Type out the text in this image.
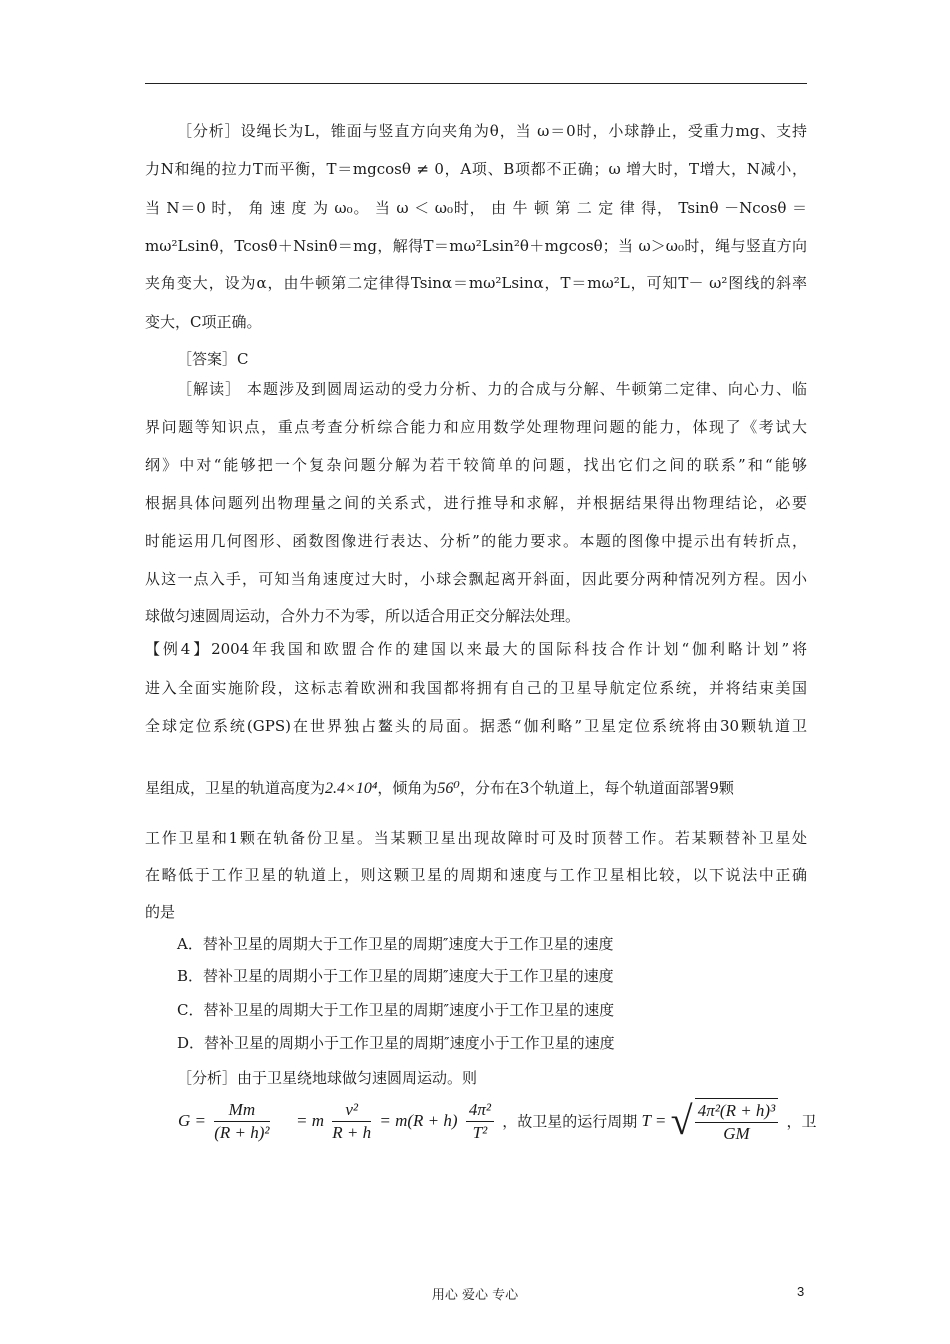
［分析］设绳长为L，锥面与竖直方向夹角为θ，当 ω＝0时，小球静止，受重力mg、支持
力N和绳的拉力T而平衡，T＝mgcosθ ≠ 0，A项、B项都不正确；ω 增大时，T增大，N减小，
当 N＝0 时， 角 速 度 为 ω₀。 当 ω ＜ ω₀时， 由 牛 顿 第 二 定 律 得， Tsinθ －Ncosθ ＝
mω²Lsinθ，Tcosθ＋Nsinθ＝mg，解得T＝mω²Lsin²θ＋mgcosθ；当 ω＞ω₀时，绳与竖直方向
夹角变大，设为α，由牛顿第二定律得Tsinα＝mω²Lsinα，T＝mω²L，可知T－ ω²图线的斜率
变大，C项正确。
［答案］C
［解读］ 本题涉及到圆周运动的受力分析、力的合成与分解、牛顿第二定律、向心力、临
界问题等知识点，重点考查分析综合能力和应用数学处理物理问题的能力，体现了《考试大
纲》中对“能够把一个复杂问题分解为若干较简单的问题，找出它们之间的联系”和“能够
根据具体问题列出物理量之间的关系式，进行推导和求解，并根据结果得出物理结论，必要
时能运用几何图形、函数图像进行表达、分析”的能力要求。本题的图像中提示出有转折点，
从这一点入手，可知当角速度过大时，小球会飘起离开斜面，因此要分两种情况列方程。因小
球做匀速圆周运动，合外力不为零，所以适合用正交分解法处理。
【例4】2004年我国和欧盟合作的建国以来最大的国际科技合作计划“伽利略计划”将
进入全面实施阶段，这标志着欧洲和我国都将拥有自己的卫星导航定位系统，并将结束美国
全球定位系统(GPS)在世界独占鳌头的局面。据悉“伽利略”卫星定位系统将由30颗轨道卫
星组成，卫星的轨道高度为2.4×10⁴，倾角为56⁰，分布在3个轨道上，每个轨道面部署9颗
工作卫星和1颗在轨备份卫星。当某颗卫星出现故障时可及时顶替工作。若某颗替补卫星处
在略低于工作卫星的轨道上，则这颗卫星的周期和速度与工作卫星相比较，以下说法中正确
的是
A．替补卫星的周期大于工作卫星的周期″速度大于工作卫星的速度
B．替补卫星的周期小于工作卫星的周期″速度大于工作卫星的速度
C．替补卫星的周期大于工作卫星的周期″速度小于工作卫星的速度
D．替补卫星的周期小于工作卫星的周期″速度小于工作卫星的速度
［分析］由于卫星绕地球做匀速圆周运动。则
$G = \frac{Mm}{\text{(R + h)²}} = m \frac{\text{v²}}{R + h} = m(R + h) \frac{\text{4π²}}{\text{T²}}$ ，故卫星的运行周期 T = √ $\frac{\text{4π²(R + h)³}}{GM}$ ，卫
用心 爱心 专心	3
